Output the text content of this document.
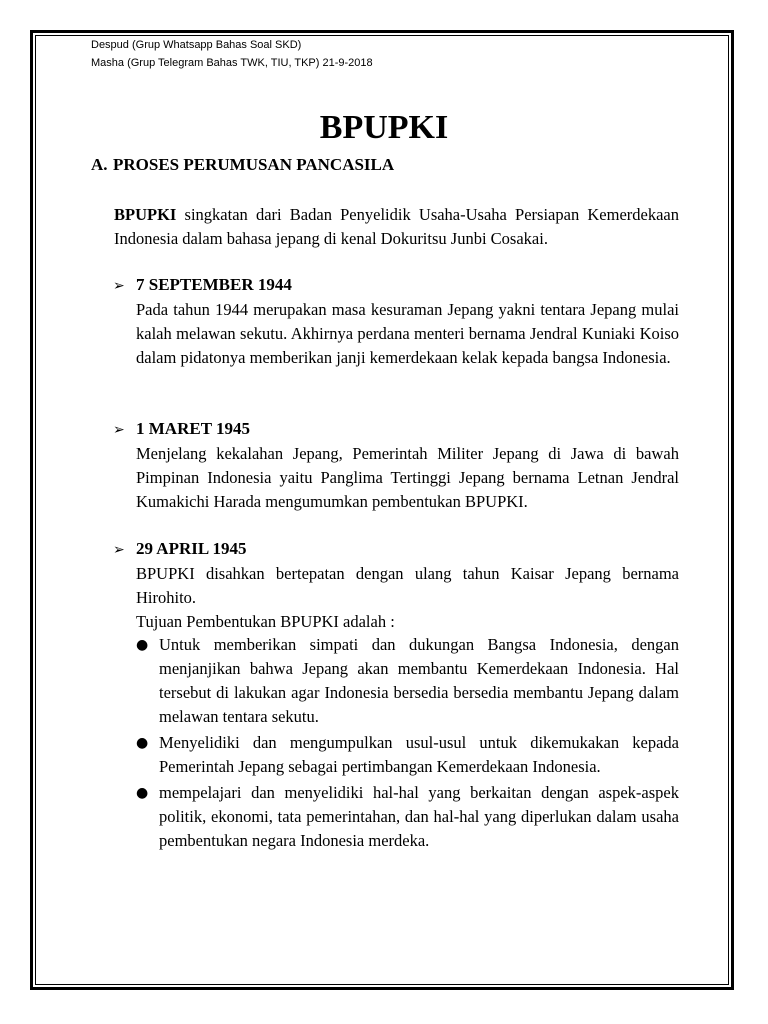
Despud (Grup Whatsapp Bahas Soal SKD)
Masha (Grup Telegram Bahas TWK, TIU, TKP) 21-9-2018
BPUPKI
A. PROSES PERUMUSAN PANCASILA
BPUPKI singkatan dari Badan Penyelidik Usaha-Usaha Persiapan Kemerdekaan Indonesia dalam bahasa jepang di kenal Dokuritsu Junbi Cosakai.
➢ 7 SEPTEMBER 1944
Pada tahun 1944 merupakan masa kesuraman Jepang yakni tentara Jepang mulai kalah melawan sekutu. Akhirnya perdana menteri bernama Jendral Kuniaki Koiso dalam pidatonya memberikan janji kemerdekaan kelak kepada bangsa Indonesia.
➢ 1 MARET 1945
Menjelang kekalahan Jepang, Pemerintah Militer Jepang di Jawa di bawah Pimpinan Indonesia yaitu Panglima Tertinggi Jepang bernama Letnan Jendral Kumakichi Harada mengumumkan pembentukan BPUPKI.
➢ 29 APRIL 1945
BPUPKI disahkan bertepatan dengan ulang tahun Kaisar Jepang bernama Hirohito.
Tujuan Pembentukan BPUPKI adalah :
● Untuk memberikan simpati dan dukungan Bangsa Indonesia, dengan menjanjikan bahwa Jepang akan membantu Kemerdekaan Indonesia. Hal tersebut di lakukan agar Indonesia bersedia bersedia membantu Jepang dalam melawan tentara sekutu.
● Menyelidiki dan mengumpulkan usul-usul untuk dikemukakan kepada Pemerintah Jepang sebagai pertimbangan Kemerdekaan Indonesia.
● mempelajari dan menyelidiki hal-hal yang berkaitan dengan aspek-aspek politik, ekonomi, tata pemerintahan, dan hal-hal yang diperlukan dalam usaha pembentukan negara Indonesia merdeka.
